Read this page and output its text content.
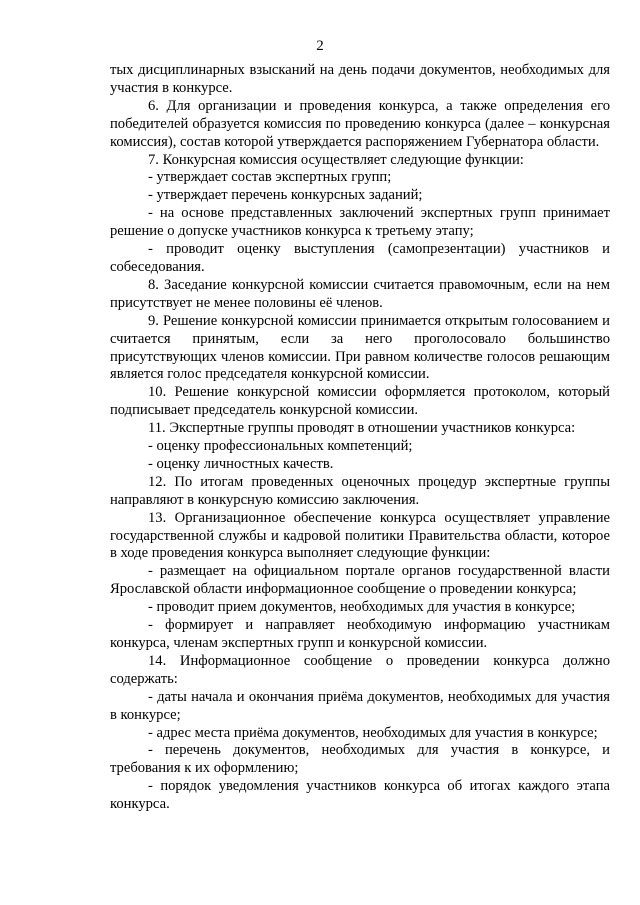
2

тых дисциплинарных взысканий на день подачи документов, необходимых для участия в конкурсе.

6. Для организации и проведения конкурса, а также определения его победителей образуется комиссия по проведению конкурса (далее – конкурсная комиссия), состав которой утверждается распоряжением Губернатора области.

7. Конкурсная комиссия осуществляет следующие функции:

- утверждает состав экспертных групп;

- утверждает перечень конкурсных заданий;

- на основе представленных заключений экспертных групп принимает решение о допуске участников конкурса к третьему этапу;

- проводит оценку выступления (самопрезентации) участников и собеседования.

8. Заседание конкурсной комиссии считается правомочным, если на нем присутствует не менее половины её членов.

9. Решение конкурсной комиссии принимается открытым голосованием и считается принятым, если за него проголосовало большинство присутствующих членов комиссии. При равном количестве голосов решающим является голос председателя конкурсной комиссии.

10. Решение конкурсной комиссии оформляется протоколом, который подписывает председатель конкурсной комиссии.

11. Экспертные группы проводят в отношении участников конкурса:

- оценку профессиональных компетенций;

- оценку личностных качеств.

12. По итогам проведенных оценочных процедур экспертные группы направляют в конкурсную комиссию заключения.

13. Организационное обеспечение конкурса осуществляет управление государственной службы и кадровой политики Правительства области, которое в ходе проведения конкурса выполняет следующие функции:

- размещает на официальном портале органов государственной власти Ярославской области информационное сообщение о проведении конкурса;

- проводит прием документов, необходимых для участия в конкурсе;

- формирует и направляет необходимую информацию участникам конкурса, членам экспертных групп и конкурсной комиссии.

14. Информационное сообщение о проведении конкурса должно содержать:

- даты начала и окончания приёма документов, необходимых для участия в конкурсе;

- адрес места приёма документов, необходимых для участия в конкурсе;

- перечень документов, необходимых для участия в конкурсе, и требования к их оформлению;

- порядок уведомления участников конкурса об итогах каждого этапа конкурса.
